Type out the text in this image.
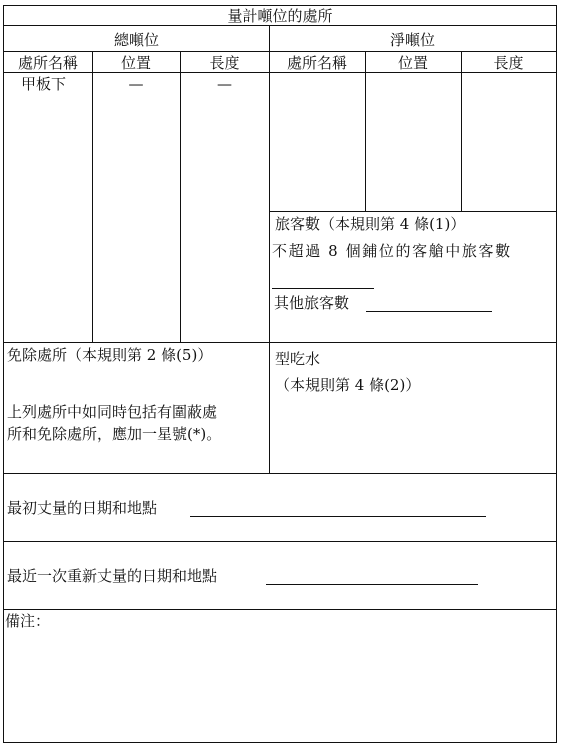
量計噸位的處所
總噸位	淨噸位
處所名稱	位置	長度	處所名稱	位置	長度
甲板下	—	—
旅客數（本規則第 4 條(1)）
不超過 8 個鋪位的客艙中旅客數
其他旅客數
免除處所（本規則第 2 條(5)）
上列處所中如同時包括有圍蔽處
所和免除處所，應加一星號(*)。
型吃水
（本規則第 4 條(2)）
最初丈量的日期和地點
最近一次重新丈量的日期和地點
備注：
